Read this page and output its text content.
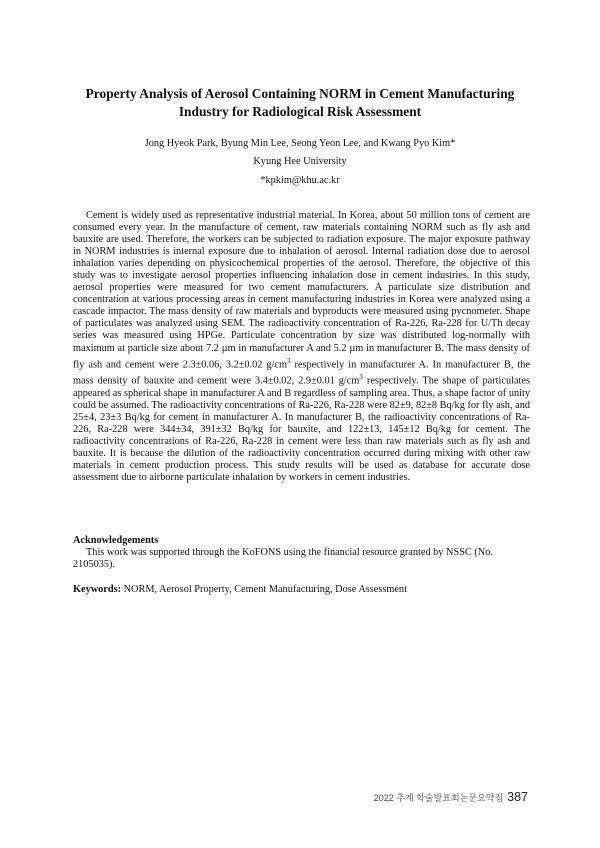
Property Analysis of Aerosol Containing NORM in Cement Manufacturing Industry for Radiological Risk Assessment
Jong Hyeok Park, Byung Min Lee, Seong Yeon Lee, and Kwang Pyo Kim*
Kyung Hee University
*kpkim@khu.ac.kr

Cement is widely used as representative industrial material. In Korea, about 50 million tons of cement are consumed every year. In the manufacture of cement, raw materials containing NORM such as fly ash and bauxite are used. Therefore, the workers can be subjected to radiation exposure. The major exposure pathway in NORM industries is internal exposure due to inhalation of aerosol. Internal radiation dose due to aerosol inhalation varies depending on physicochemical properties of the aerosol. Therefore, the objective of this study was to investigate aerosol properties influencing inhalation dose in cement industries. In this study, aerosol properties were measured for two cement manufacturers. A particulate size distribution and concentration at various processing areas in cement manufacturing industries in Korea were analyzed using a cascade impactor. The mass density of raw materials and byproducts were measured using pycnometer. Shape of particulates was analyzed using SEM. The radioactivity concentration of Ra-226, Ra-228 for U/Th decay series was measured using HPGe. Particulate concentration by size was distributed log-normally with maximum at particle size about 7.2 µm in manufacturer A and 5.2 µm in manufacturer B. The mass density of fly ash and cement were 2.3±0.06, 3.2±0.02 $g/cm^3$ respectively in manufacturer A. In manufacturer B, the mass density of bauxite and cement were 3.4±0.02, 2.9±0.01 $g/cm^3$ respectively. The shape of particulates appeared as spherical shape in manufacturer A and B regardless of sampling area. Thus, a shape factor of unity could be assumed. The radioactivity concentrations of Ra-226, Ra-228 were 82±9, 82±8 Bq/kg for fly ash, and 25±4, 23±3 Bq/kg for cement in manufacturer A. In manufacturer B, the radioactivity concentrations of Ra-226, Ra-228 were 344±34, 391±32 Bq/kg for bauxite, and 122±13, 145±12 Bq/kg for cement. The radioactivity concentrations of Ra-226, Ra-228 in cement were less than raw materials such as fly ash and bauxite. It is because the dilution of the radioactivity concentration occurred during mixing with other raw materials in cement production process. This study results will be used as database for accurate dose assessment due to airborne particulate inhalation by workers in cement industries.

Acknowledgements

This work was supported through the KoFONS using the financial resource granted by NSSC (No. 2105035).

Keywords: NORM, Aerosol Property, Cement Manufacturing, Dose Assessment
2022 추계 학술발표회논문요약집 387
